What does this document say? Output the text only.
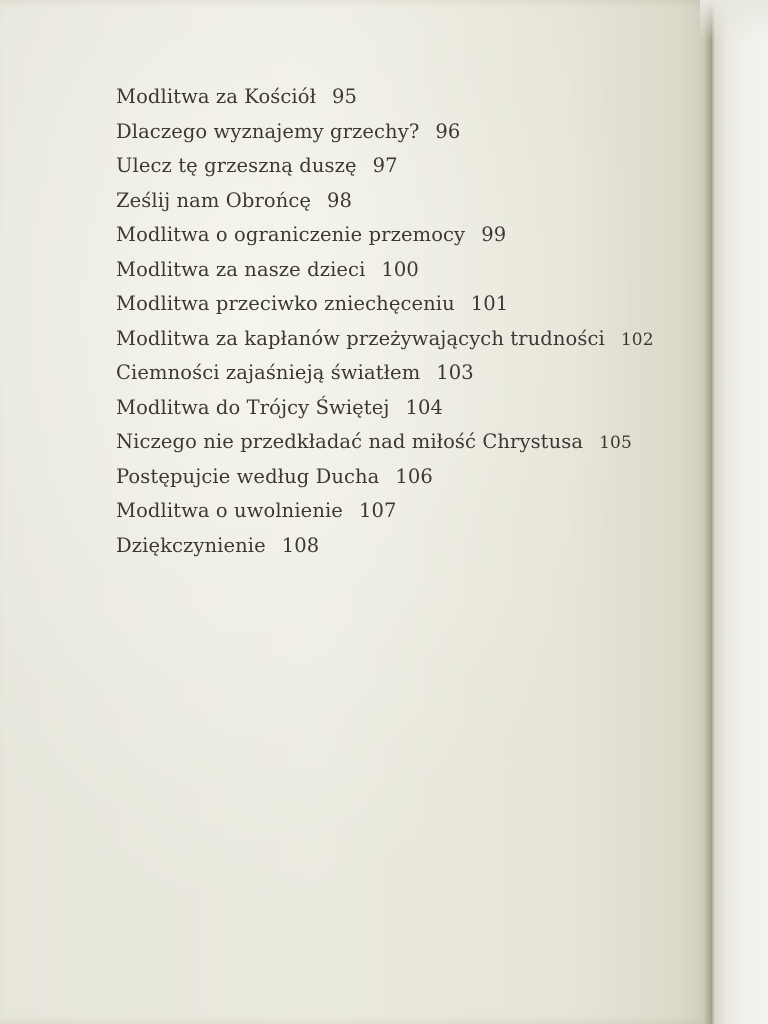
Modlitwa za Kościół 95
Dlaczego wyznajemy grzechy? 96
Ulecz tę grzeszną duszę 97
Ześlij nam Obrońcę 98
Modlitwa o ograniczenie przemocy 99
Modlitwa za nasze dzieci 100
Modlitwa przeciwko zniechęceniu 101
Modlitwa za kapłanów przeżywających trudności 102
Ciemności zajaśnieją światłem 103
Modlitwa do Trójcy Świętej 104
Niczego nie przedkładać nad miłość Chrystusa 105
Postępujcie według Ducha 106
Modlitwa o uwolnienie 107
Dziękczynienie 108
